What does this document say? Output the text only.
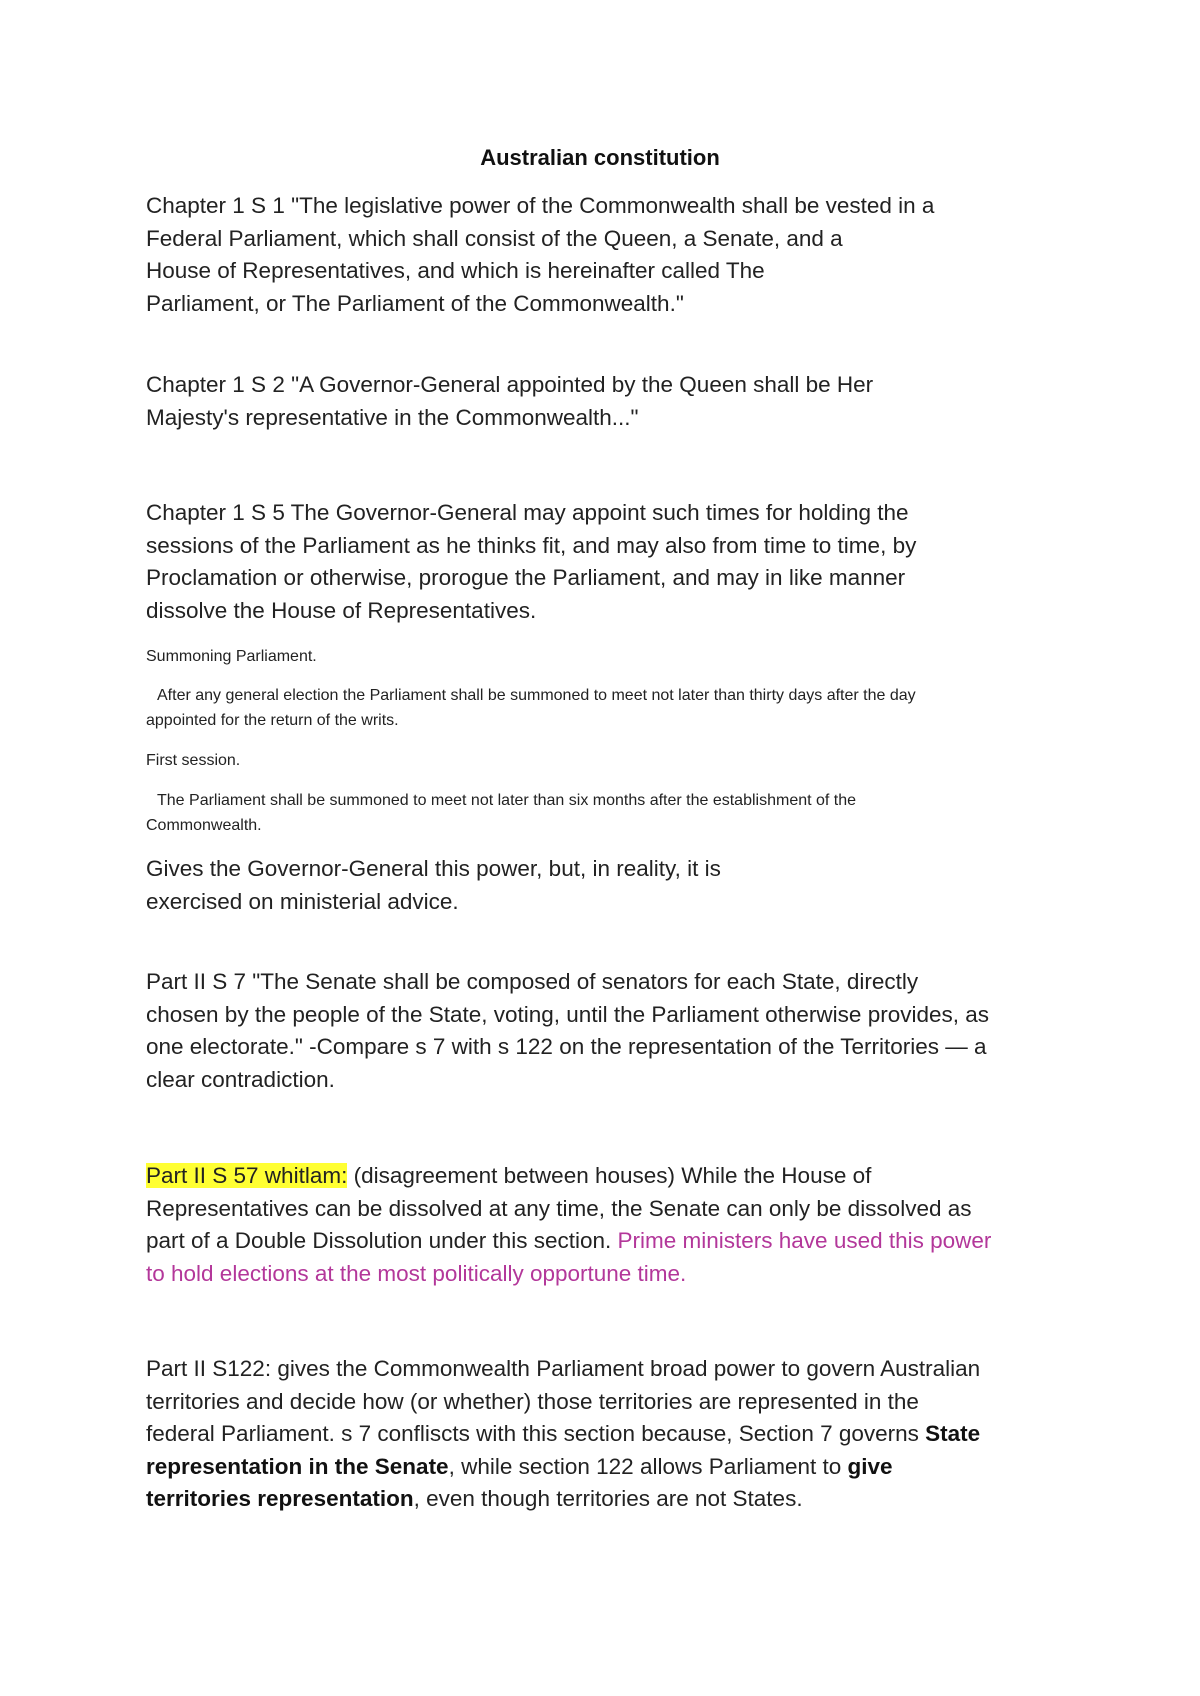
Australian constitution
Chapter 1 S 1 "The legislative power of the Commonwealth shall be vested in a
Federal Parliament, which shall consist of the Queen, a Senate, and a
House of Representatives, and which is hereinafter called The
Parliament, or The Parliament of the Commonwealth."
Chapter 1 S 2 "A Governor-General appointed by the Queen shall be Her
Majesty's representative in the Commonwealth..."
Chapter 1 S 5 The Governor-General may appoint such times for holding the
sessions of the Parliament as he thinks fit, and may also from time to time, by
Proclamation or otherwise, prorogue the Parliament, and may in like manner
dissolve the House of Representatives.
Summoning Parliament.
After any general election the Parliament shall be summoned to meet not later than thirty days after the day
appointed for the return of the writs.
First session.
The Parliament shall be summoned to meet not later than six months after the establishment of the
Commonwealth.
Gives the Governor-General this power, but, in reality, it is
exercised on ministerial advice.
Part II S 7 "The Senate shall be composed of senators for each State, directly
chosen by the people of the State, voting, until the Parliament otherwise provides, as
one electorate." -Compare s 7 with s 122 on the representation of the Territories — a
clear contradiction.
Part II S 57 whitlam: (disagreement between houses) While the House of
Representatives can be dissolved at any time, the Senate can only be dissolved as
part of a Double Dissolution under this section. Prime ministers have used this power
to hold elections at the most politically opportune time.
Part II S122: gives the Commonwealth Parliament broad power to govern Australian
territories and decide how (or whether) those territories are represented in the
federal Parliament. s 7 confliscts with this section because, Section 7 governs State
representation in the Senate, while section 122 allows Parliament to give
territories representation, even though territories are not States.
